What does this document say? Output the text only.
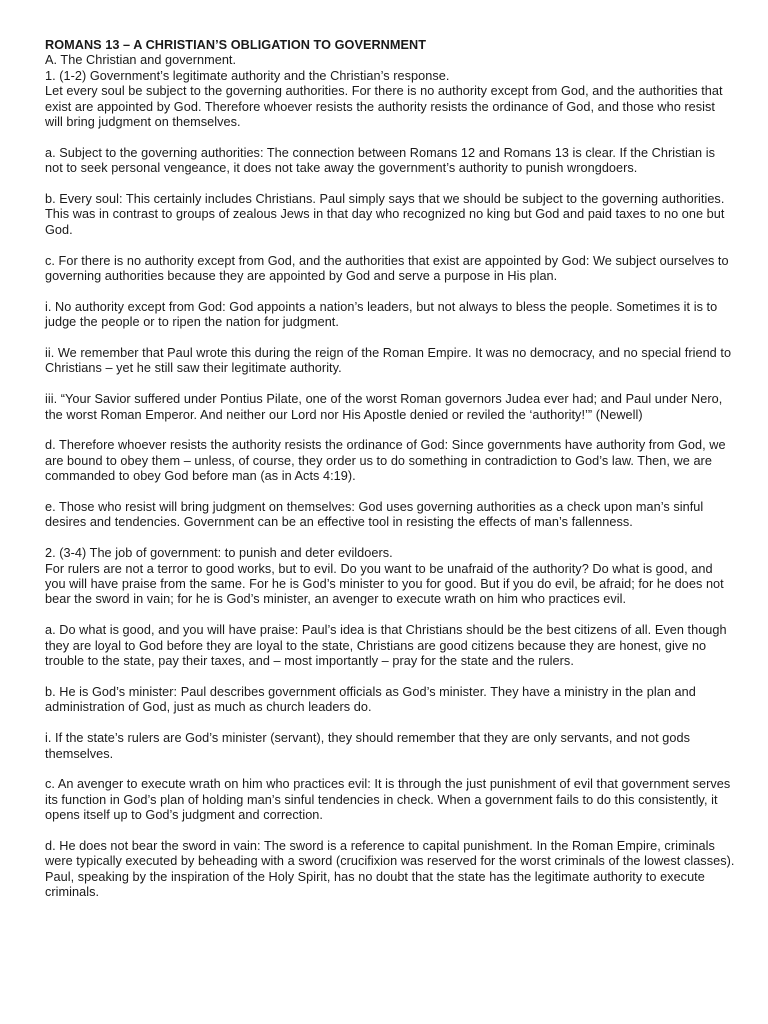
ROMANS 13 – A CHRISTIAN’S OBLIGATION TO GOVERNMENT

A. The Christian and government.

1. (1-2) Government’s legitimate authority and the Christian’s response.

Let every soul be subject to the governing authorities. For there is no authority except from God, and the authorities that exist are appointed by God. Therefore whoever resists the authority resists the ordinance of God, and those who resist will bring judgment on themselves.

a. Subject to the governing authorities: The connection between Romans 12 and Romans 13 is clear. If the Christian is not to seek personal vengeance, it does not take away the government’s authority to punish wrongdoers.

b. Every soul: This certainly includes Christians. Paul simply says that we should be subject to the governing authorities. This was in contrast to groups of zealous Jews in that day who recognized no king but God and paid taxes to no one but God.

c. For there is no authority except from God, and the authorities that exist are appointed by God: We subject ourselves to governing authorities because they are appointed by God and serve a purpose in His plan.

i. No authority except from God: God appoints a nation’s leaders, but not always to bless the people. Sometimes it is to judge the people or to ripen the nation for judgment.

ii. We remember that Paul wrote this during the reign of the Roman Empire. It was no democracy, and no special friend to Christians – yet he still saw their legitimate authority.

iii. “Your Savior suffered under Pontius Pilate, one of the worst Roman governors Judea ever had; and Paul under Nero, the worst Roman Emperor. And neither our Lord nor His Apostle denied or reviled the ‘authority!’” (Newell)

d. Therefore whoever resists the authority resists the ordinance of God: Since governments have authority from God, we are bound to obey them – unless, of course, they order us to do something in contradiction to God’s law. Then, we are commanded to obey God before man (as in Acts 4:19).

e. Those who resist will bring judgment on themselves: God uses governing authorities as a check upon man’s sinful desires and tendencies. Government can be an effective tool in resisting the effects of man’s fallenness.

2. (3-4) The job of government: to punish and deter evildoers.

For rulers are not a terror to good works, but to evil. Do you want to be unafraid of the authority? Do what is good, and you will have praise from the same. For he is God’s minister to you for good. But if you do evil, be afraid; for he does not bear the sword in vain; for he is God’s minister, an avenger to execute wrath on him who practices evil.

a. Do what is good, and you will have praise: Paul’s idea is that Christians should be the best citizens of all. Even though they are loyal to God before they are loyal to the state, Christians are good citizens because they are honest, give no trouble to the state, pay their taxes, and – most importantly – pray for the state and the rulers.

b. He is God’s minister: Paul describes government officials as God’s minister. They have a ministry in the plan and administration of God, just as much as church leaders do.

i. If the state’s rulers are God’s minister (servant), they should remember that they are only servants, and not gods themselves.

c. An avenger to execute wrath on him who practices evil: It is through the just punishment of evil that government serves its function in God’s plan of holding man’s sinful tendencies in check. When a government fails to do this consistently, it opens itself up to God’s judgment and correction.

d. He does not bear the sword in vain: The sword is a reference to capital punishment. In the Roman Empire, criminals were typically executed by beheading with a sword (crucifixion was reserved for the worst criminals of the lowest classes). Paul, speaking by the inspiration of the Holy Spirit, has no doubt that the state has the legitimate authority to execute criminals.
